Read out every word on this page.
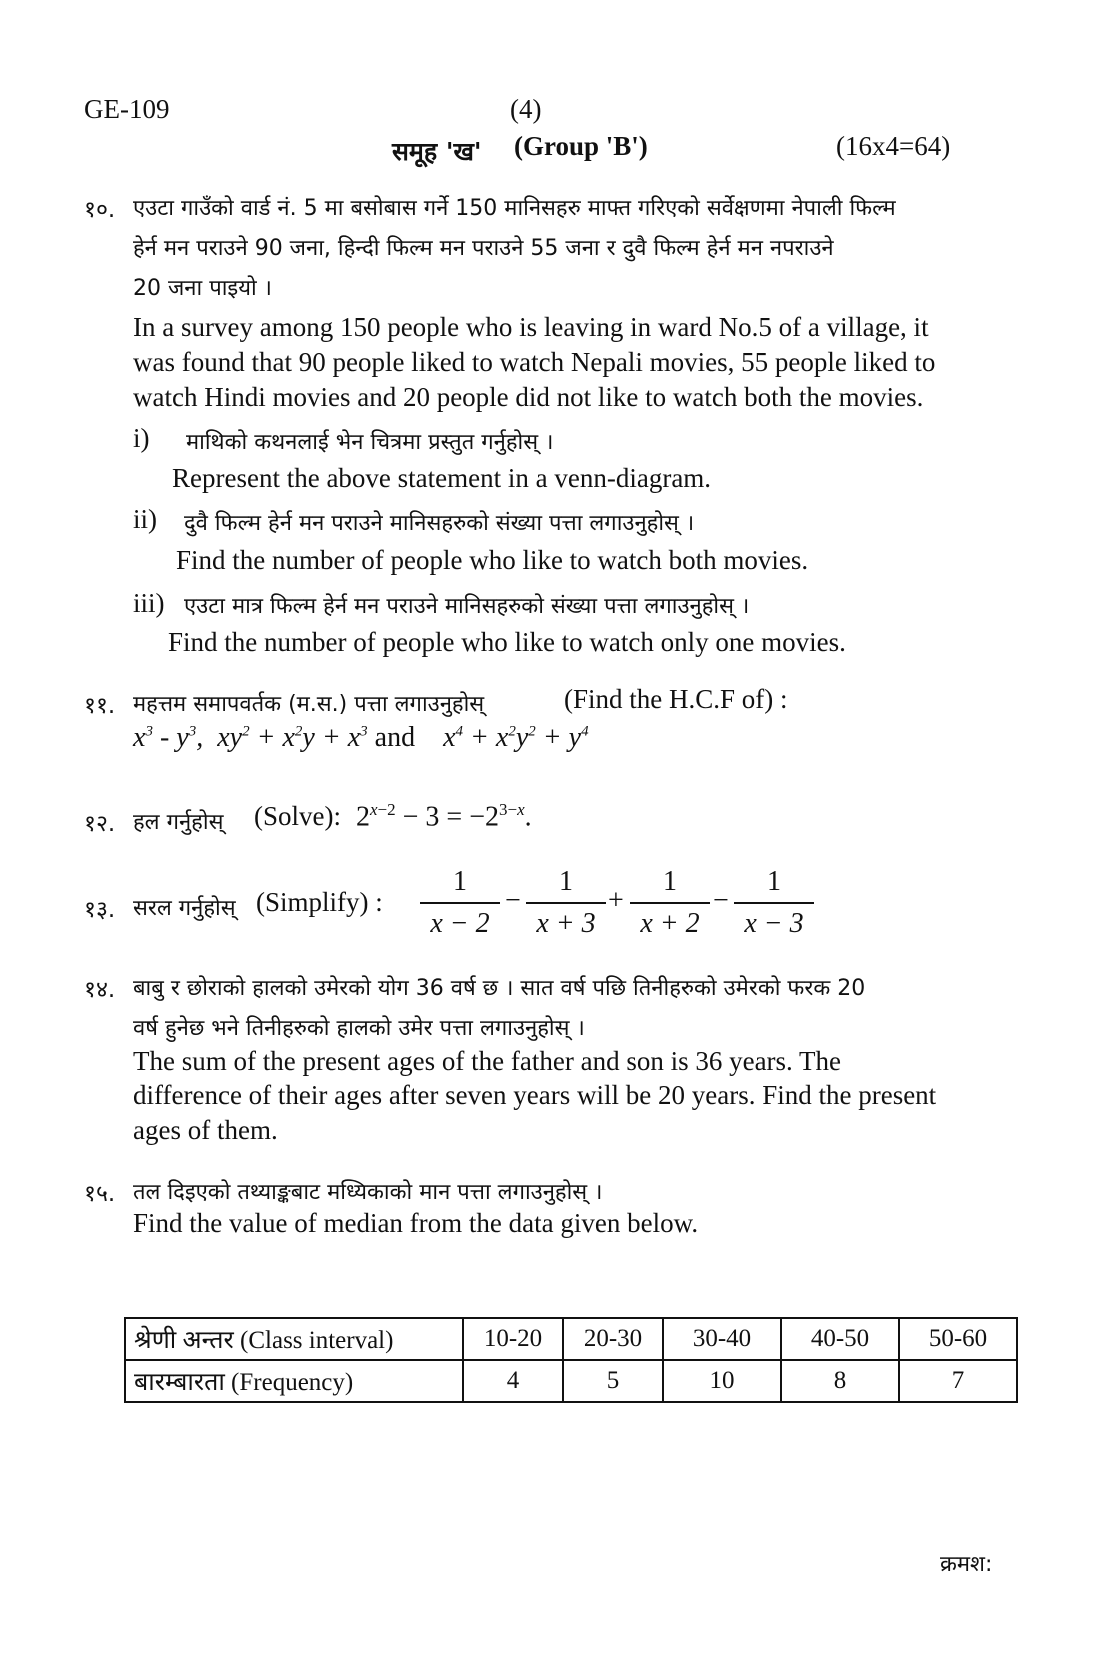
GE-109	(4)
समूह 'ख' (Group 'B')	(16x4=64)
१०. एउटा गाउँको वार्ड नं. 5 मा बसोबास गर्ने 150 मानिसहरु माफ्त गरिएको सर्वेक्षणमा नेपाली फिल्म
हेर्न मन पराउने 90 जना, हिन्दी फिल्म मन पराउने 55 जना र दुवै फिल्म हेर्न मन नपराउने
20 जना पाइयो ।
In a survey among 150 people who is leaving in ward No.5 of a village, it
was found that 90 people liked to watch Nepali movies, 55 people liked to
watch Hindi movies and 20 people did not like to watch both the movies.
i) माथिको कथनलाई भेन चित्रमा प्रस्तुत गर्नुहोस् ।
Represent the above statement in a venn-diagram.
ii) दुवै फिल्म हेर्न मन पराउने मानिसहरुको संख्या पत्ता लगाउनुहोस् ।
Find the number of people who like to watch both movies.
iii) एउटा मात्र फिल्म हेर्न मन पराउने मानिसहरुको संख्या पत्ता लगाउनुहोस् ।
Find the number of people who like to watch only one movies.
११. महत्तम समापवर्तक (म.स.) पत्ता लगाउनुहोस्	(Find the H.C.F of) :
$x^3 - y^3$,  $xy^2 + x^2y + x^3$ and    $x^4 + x^2y^2 + y^4$
१२. हल गर्नुहोस् (Solve): $2^{x-2} - 3 = -2^{3-x}$.
१३. सरल गर्नुहोस् (Simplify) : $\frac{1}{x - 2} - \frac{1}{x + 3} + \frac{1}{x + 2} - \frac{1}{x - 3}$
१४. बाबु र छोराको हालको उमेरको योग 36 वर्ष छ । सात वर्ष पछि तिनीहरुको उमेरको फरक 20
वर्ष हुनेछ भने तिनीहरुको हालको उमेर पत्ता लगाउनुहोस् ।
The sum of the present ages of the father and son is 36 years. The
difference of their ages after seven years will be 20 years. Find the present
ages of them.
१५. तल दिइएको तथ्याङ्कबाट मध्यिकाको मान पत्ता लगाउनुहोस् ।
Find the value of median from the data given below.
श्रेणी अन्तर (Class interval)	10-20	20-30	30-40	40-50	50-60
बारम्बारता (Frequency)	4	5	10	8	7
क्रमश:
